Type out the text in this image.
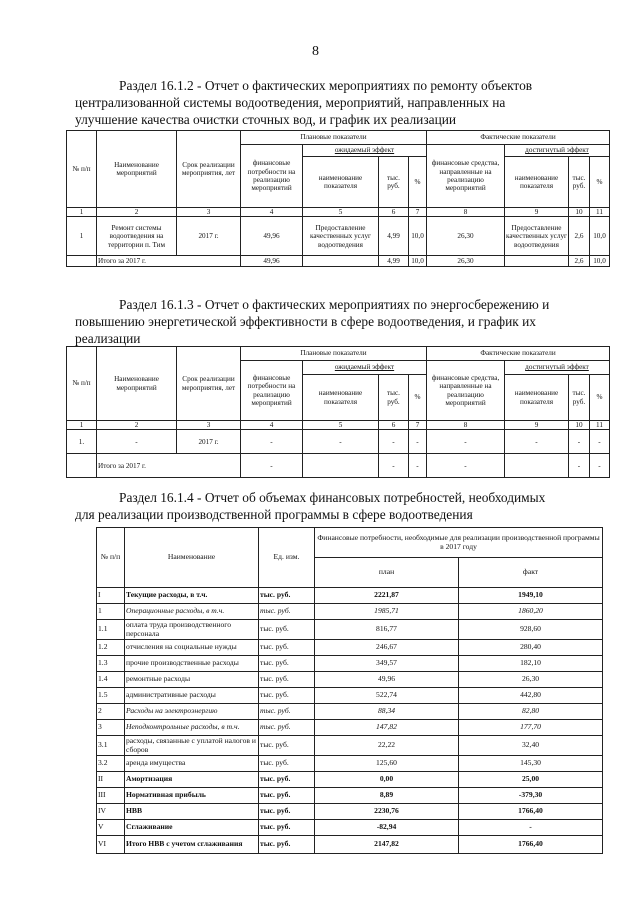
8

Раздел 16.1.2 - Отчет о фактических мероприятиях по ремонту объектов

централизованной системы водоотведения, мероприятий, направленных на

улучшение качества очистки сточных вод, и график их реализации

№ п/п	Наименование мероприятий	Срок реализации мероприятия, лет	Плановые показатели				Фактические показатели			
			финансовые потребности на реализацию мероприятий	ожидаемый эффект			финансовые средства, направленные на реализацию мероприятий	достигнутый эффект		
				наименование показателя	тыс. руб.	%		наименование показателя	тыс. руб.	%
1	2	3	4	5	6	7	8	9	10	11
1	Ремонт системы водоотведения на территории п. Тим	2017 г.	49,96	Предоставление качественных услуг водоотведения	4,99	10,0	26,30	Предоставление качественных услуг водоотведения	2,6	10,0
	Итого за 2017 г.		49,96		4,99	10,0	26,30		2,6	10,0

Раздел 16.1.3 - Отчет о фактических мероприятиях по энергосбережению и

повышению энергетической эффективности в сфере водоотведения, и график их

реализации

№ п/п	Наименование мероприятий	Срок реализации мероприятия, лет	Плановые показатели				Фактические показатели			
			финансовые потребности на реализацию мероприятий	ожидаемый эффект			финансовые средства, направленные на реализацию мероприятий	достигнутый эффект		
				наименование показателя	тыс. руб.	%		наименование показателя	тыс. руб.	%
1	2	3	4	5	6	7	8	9	10	11
1.	-	2017 г.	-	-	-	-	-	-	-	-
	Итого за 2017 г.		-		-	-	-		-	-

Раздел 16.1.4 - Отчет об объемах финансовых потребностей, необходимых

для реализации производственной программы в сфере водоотведения

№ п/п	Наименование	Ед. изм.	Финансовые потребности, необходимые для реализации производственной программы в 2017 году	
			план	факт
I	Текущие расходы, в т.ч.	тыс. руб.	2221,87	1949,10
1	Операционные расходы, в т.ч.	тыс. руб.	1985,71	1860,20
1.1	оплата труда производственного персонала	тыс. руб.	816,77	928,60
1.2	отчисления на социальные нужды	тыс. руб.	246,67	280,40
1.3	прочие производственные расходы	тыс. руб.	349,57	182,10
1.4	ремонтные расходы	тыс. руб.	49,96	26,30
1.5	административные расходы	тыс. руб.	522,74	442,80
2	Расходы на электроэнергию	тыс. руб.	88,34	82,80
3	Неподконтрольные расходы, в т.ч.	тыс. руб.	147,82	177,70
3.1	расходы, связанные с уплатой налогов и сборов	тыс. руб.	22,22	32,40
3.2	аренда имущества	тыс. руб.	125,60	145,30
II	Амортизация	тыс. руб.	0,00	25,00
III	Нормативная прибыль	тыс. руб.	8,89	-379,30
IV	НВВ	тыс. руб.	2230,76	1766,40
V	Сглаживание	тыс. руб.	-82,94	-
VI	Итого НВВ с учетом сглаживания	тыс. руб.	2147,82	1766,40
